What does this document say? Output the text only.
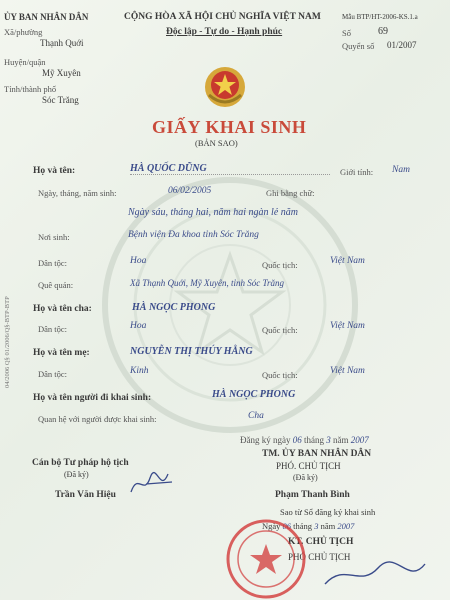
ỦY BAN NHÂN DÂN
Xã/phường
Thạnh Quới
Huyện/quận
Mỹ Xuyên
Tỉnh/thành phố
Sóc Trăng
CỘNG HÒA XÃ HỘI CHỦ NGHĨA VIỆT NAM
Độc lập - Tự do - Hạnh phúc
Mẫu BTP/HT-2006-KS.1.a
Số	69
Quyển số 01/2007
GIẤY KHAI SINH
(BẢN SAO)
04/2006 Q§ 01/2006/Q§-BTP-BTP
Họ và tên:	HÀ QUỐC DŨNG	Giới tính: Nam
Ngày, tháng, năm sinh:	06/02/2005	Ghi bằng chữ:
Ngày sáu, tháng hai, năm hai ngàn lẻ năm
Nơi sinh:	Bệnh viện Đa khoa tỉnh Sóc Trăng
Dân tộc:	Hoa	Quốc tịch:	Việt Nam
Quê quán:	Xã Thạnh Quới, Mỹ Xuyên, tỉnh Sóc Trăng
Họ và tên cha:	HÀ NGỌC PHONG
Dân tộc:	Hoa	Quốc tịch:	Việt Nam
Họ và tên mẹ:	NGUYỄN THỊ THÚY HẰNG
Dân tộc:	Kinh	Quốc tịch:	Việt Nam
Họ và tên người đi khai sinh:	HÀ NGỌC PHONG
Quan hệ với người được khai sinh:	Cha
Đăng ký ngày 06 tháng 3 năm 2007
TM. ỦY BAN NHÂN DÂN
PHÓ. CHỦ TỊCH
(Đã ký)
Phạm Thanh Bình
Cán bộ Tư pháp hộ tịch
(Đã ký)
Trần Văn Hiệu
Sao từ Sổ đăng ký khai sinh
Ngày 06 tháng 3 năm 2007
KT. CHỦ TỊCH
PHÓ CHỦ TỊCH
